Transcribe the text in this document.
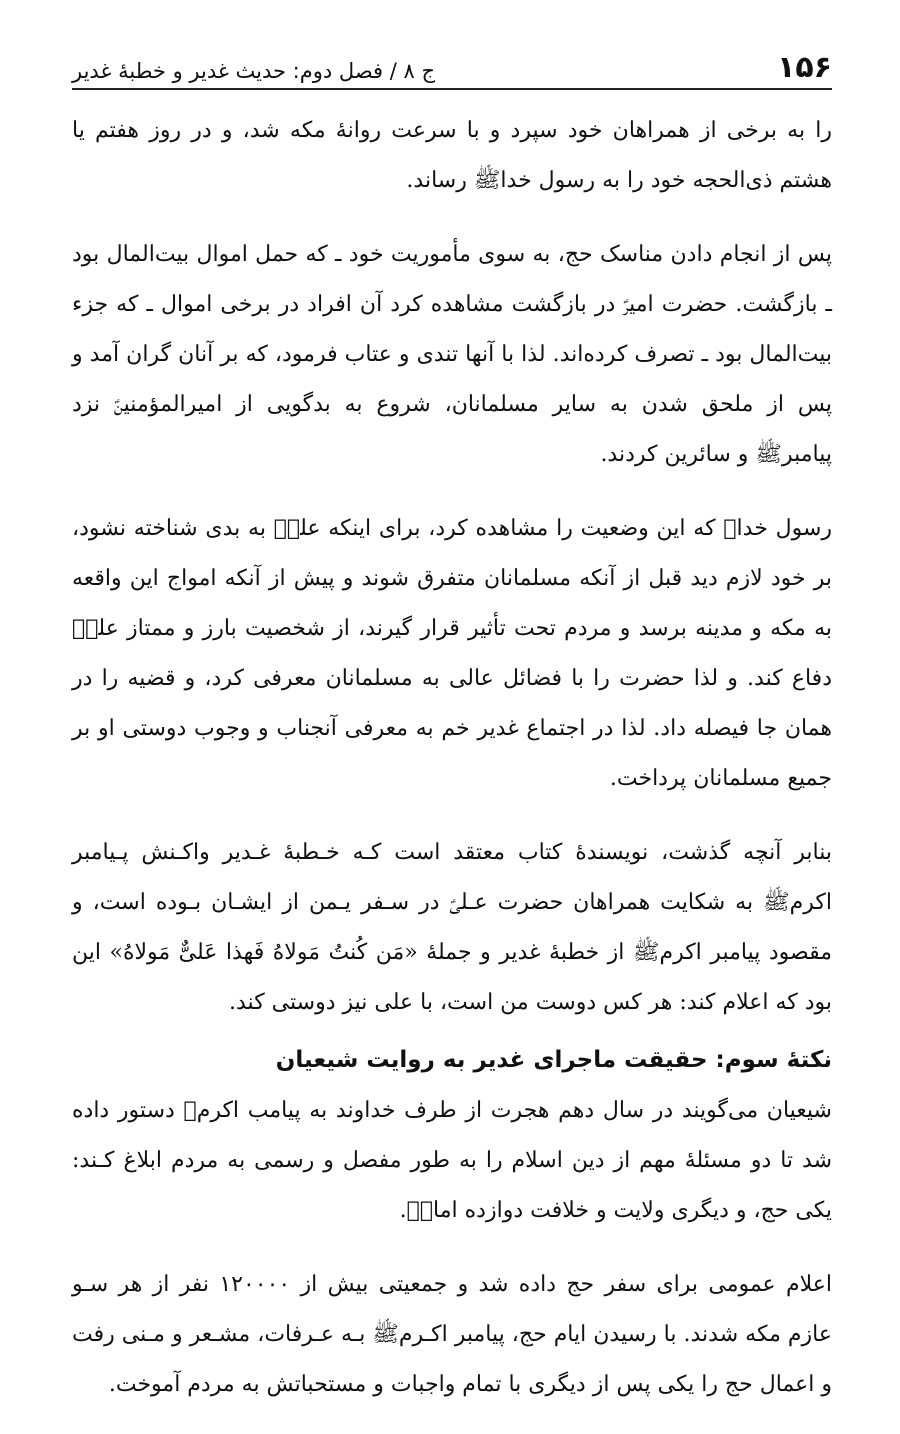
۱۵۶
ج ۸ / فصل دوم: حدیث غدیر و خطبهٔ غدیر

را به برخی از همراهان خود سپرد و با سرعت روانهٔ مکه شد، و در روز هفتم یا هشتم ذی‌الحجه خود را به رسول خداﷺ رساند.

پس از انجام دادن مناسک حج، به سوی مأموریت خود ـ که حمل اموال بیت‌المال بود ـ بازگشت. حضرت امیرؑ در بازگشت مشاهده کرد آن افراد در برخی اموال ـ که جزء بیت‌المال بود ـ تصرف کرده‌اند. لذا با آنها تندی و عتاب فرمود، که بر آنان گران آمد و پس از ملحق شدن به سایر مسلمانان، شروع به بدگویی از امیرالمؤمنینؑ نزد پیامبرﷺ و سائرین کردند.

رسول خداﷺ که این وضعیت را مشاهده کرد، برای اینکه علیؑ به بدی شناخته نشود، بر خود لازم دید قبل از آنکه مسلمانان متفرق شوند و پیش از آنکه امواج این واقعه به مکه و مدینه برسد و مردم تحت تأثیر قرار گیرند، از شخصیت بارز و ممتاز علیؑ دفاع کند. و لذا حضرت را با فضائل عالی به مسلمانان معرفی کرد، و قضیه را در همان جا فیصله داد. لذا در اجتماع غدیر خم به معرفی آنجناب و وجوب دوستی او بر جمیع مسلمانان پرداخت.

بنابر آنچه گذشت، نویسندهٔ کتاب معتقد است کـه خـطبهٔ غـدیر واکـنش پـیامبر اکرمﷺ به شکایت همراهان حضرت عـلیؑ در سـفر یـمن از ایشـان بـوده است، و مقصود پیامبر اکرمﷺ از خطبهٔ غدیر و جملهٔ «مَن کُنتُ مَولاهُ فَهذا عَلیٌّ مَولاهُ» این بود که اعلام کند: هر کس دوست من است، با علی نیز دوستی کند.

نکتهٔ سوم: حقیقت ماجرای غدیر به روایت شیعیان

شیعیان می‌گویند در سال دهم هجرت از طرف خداوند به پیامب اکرمﷺ دستور داده شد تا دو مسئلهٔ مهم از دین اسلام را به طور مفصل و رسمی به مردم ابلاغ کـند: یکی حج، و دیگری ولایت و خلافت دوازده امامؑ.

اعلام عمومی برای سفر حج داده شد و جمعیتی بیش از ۱۲۰۰۰۰ نفر از هر سـو عازم مکه شدند. با رسیدن ایام حج، پیامبر اکـرمﷺ بـه عـرفات، مشـعر و مـنی رفت و اعمال حج را یکی پس از دیگری با تمام واجبات و مستحباتش به مردم آموخت.
